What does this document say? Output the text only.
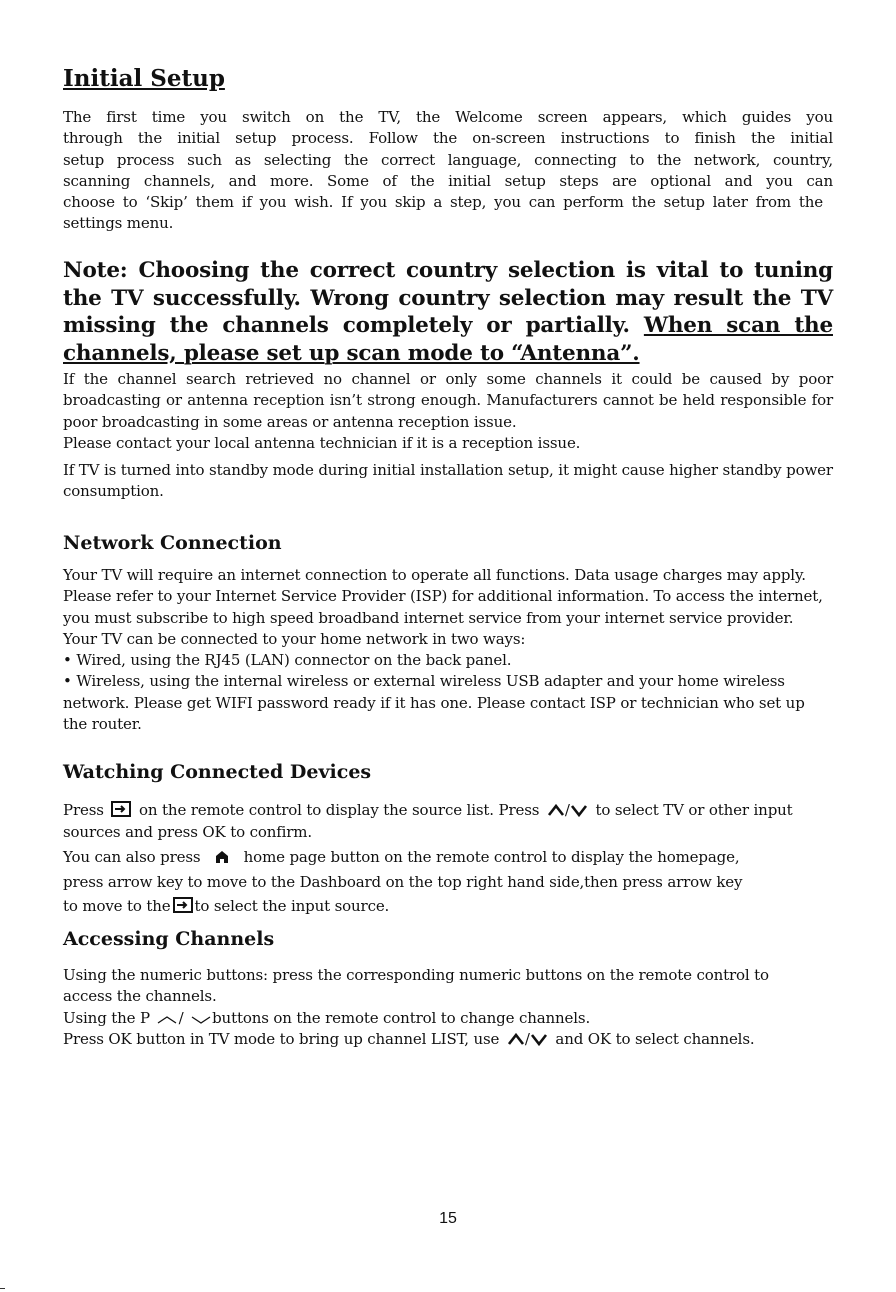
Initial Setup
The first time you switch on the TV, the Welcome screen appears, which guides you
through the initial setup process. Follow the on-screen instructions to finish the initial
setup process such as selecting the correct language, connecting to the network, country,
scanning channels, and more. Some of the initial setup steps are optional and you can
choose to ‘Skip’ them if you wish. If you skip a step, you can perform the setup later from the settings menu.
Note: Choosing the correct country selection is vital to tuning
the TV successfully. Wrong country selection may result the TV
missing the channels completely or partially. When scan the
channels, please set up scan mode to “Antenna”.
If the channel search retrieved no channel or only some channels it could be caused by poor broadcasting or antenna reception isn’t strong enough. Manufacturers cannot be held responsible for poor broadcasting in some areas or antenna reception issue.
Please contact your local antenna technician if it is a reception issue.
If TV is turned into standby mode during initial installation setup, it might cause higher standby power consumption.
Network Connection
Your TV will require an internet connection to operate all functions. Data usage charges may apply. Please refer to your Internet Service Provider (ISP) for additional information. To access the internet, you must subscribe to high speed broadband internet service from your internet service provider.
Your TV can be connected to your home network in two ways:
• Wired, using the RJ45 (LAN) connector on the back panel.
• Wireless, using the internal wireless or external wireless USB adapter and your home wireless network. Please get WIFI password ready if it has one. Please contact ISP or technician who set up the router.
Watching Connected Devices
Press on the remote control to display the source list. Press / to select TV or other input sources and press OK to confirm.
You can also press	home page button on the remote control to display the homepage,
press arrow key to move to the Dashboard on the top right hand side,then press arrow key
to move to the to select the input source.
Accessing Channels
Using the numeric buttons: press the corresponding numeric buttons on the remote control to access the channels.
Using the P / buttons on the remote control to change channels.
Press OK button in TV mode to bring up channel LIST, use / and OK to select channels.
15
